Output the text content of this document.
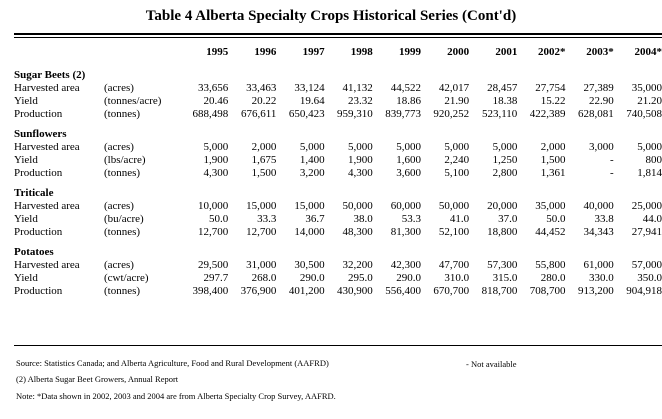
Table 4 Alberta Specialty Crops Historical Series (Cont'd)
		1995	1996	1997	1998	1999	2000	2001	2002*	2003*	2004*

Sugar Beets (2)											
Harvested area	(acres)	33,656	33,463	33,124	41,132	44,522	42,017	28,457	27,754	27,389	35,000
Yield	(tonnes/acre)	20.46	20.22	19.64	23.32	18.86	21.90	18.38	15.22	22.90	21.20
Production	(tonnes)	688,498	676,611	650,423	959,310	839,773	920,252	523,110	422,389	628,081	740,508

Sunflowers											
Harvested area	(acres)	5,000	2,000	5,000	5,000	5,000	5,000	5,000	2,000	3,000	5,000
Yield	(lbs/acre)	1,900	1,675	1,400	1,900	1,600	2,240	1,250	1,500	-	800
Production	(tonnes)	4,300	1,500	3,200	4,300	3,600	5,100	2,800	1,361	-	1,814

Triticale											
Harvested area	(acres)	10,000	15,000	15,000	50,000	60,000	50,000	20,000	35,000	40,000	25,000
Yield	(bu/acre)	50.0	33.3	36.7	38.0	53.3	41.0	37.0	50.0	33.8	44.0
Production	(tonnes)	12,700	12,700	14,000	48,300	81,300	52,100	18,800	44,452	34,343	27,941

Potatoes											
Harvested area	(acres)	29,500	31,000	30,500	32,200	42,300	47,700	57,300	55,800	61,000	57,000
Yield	(cwt/acre)	297.7	268.0	290.0	295.0	290.0	310.0	315.0	280.0	330.0	350.0
Production	(tonnes)	398,400	376,900	401,200	430,900	556,400	670,700	818,700	708,700	913,200	904,918
Source: Statistics Canada; and Alberta Agriculture, Food and Rural Development (AAFRD)	- Not available
(2) Alberta Sugar Beet Growers, Annual Report
Note: *Data shown in 2002, 2003 and 2004 are from Alberta Specialty Crop Survey, AAFRD.
